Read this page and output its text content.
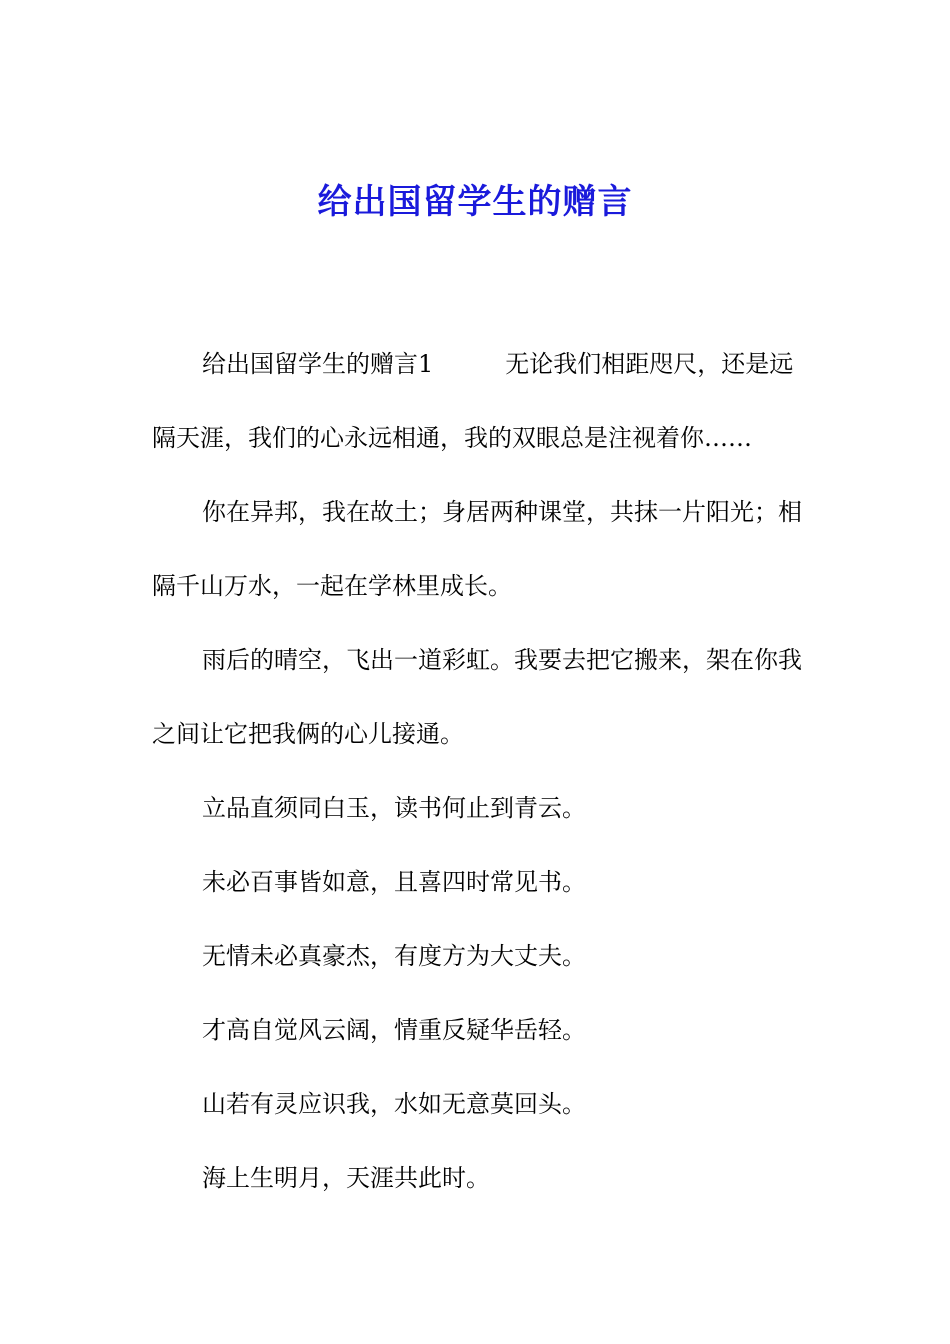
给出国留学生的赠言

给出国留学生的赠言1　　　无论我们相距咫尺，还是远隔天涯，我们的心永远相通，我的双眼总是注视着你……

你在异邦，我在故土；身居两种课堂，共抹一片阳光；相隔千山万水，一起在学林里成长。

雨后的晴空，飞出一道彩虹。我要去把它搬来，架在你我之间让它把我俩的心儿接通。

立品直须同白玉，读书何止到青云。

未必百事皆如意，且喜四时常见书。

无情未必真豪杰，有度方为大丈夫。

才高自觉风云阔，情重反疑华岳轻。

山若有灵应识我，水如无意莫回头。

海上生明月，天涯共此时。
